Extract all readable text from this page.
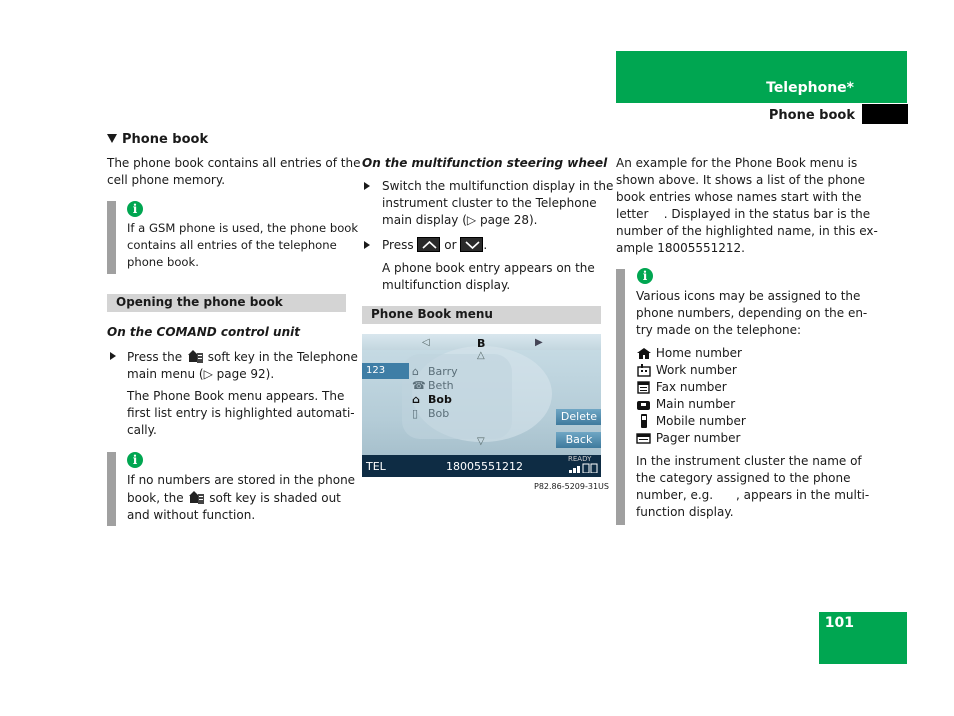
Telephone*
Phone book
101
Phone book
The phone book contains all entries of the
cell phone memory.
i
If a GSM phone is used, the phone book
contains all entries of the telephone
phone book.
Opening the phone book
On the COMAND control unit
Press the soft key in the Telephone
main menu (▷ page 92).
The Phone Book menu appears. The
first list entry is highlighted automati-
cally.
i
If no numbers are stored in the phone
book, the soft key is shaded out
and without function.
On the multifunction steering wheel
Switch the multifunction display in the
instrument cluster to the Telephone
main display (▷ page 28).
Press	or .
A phone book entry appears on the
multifunction display.
Phone Book menu
◁	B	▶
△
123	⌂ Barry
☎ Beth
⌂ Bob
▯ Bob	Delete
Back
▽
TEL	18005551212
READY
P82.86-5209-31US
An example for the Phone Book menu is
shown above. It shows a list of the phone
book entries whose names start with the
letter    . Displayed in the status bar is the
number of the highlighted name, in this ex-
ample 18005551212.
i
Various icons may be assigned to the
phone numbers, depending on the en-
try made on the telephone:
Home number
Work number
Fax number
Main number
Mobile number
Pager number
In the instrument cluster the name of
the category assigned to the phone
number, e.g.      , appears in the multi-
function display.
